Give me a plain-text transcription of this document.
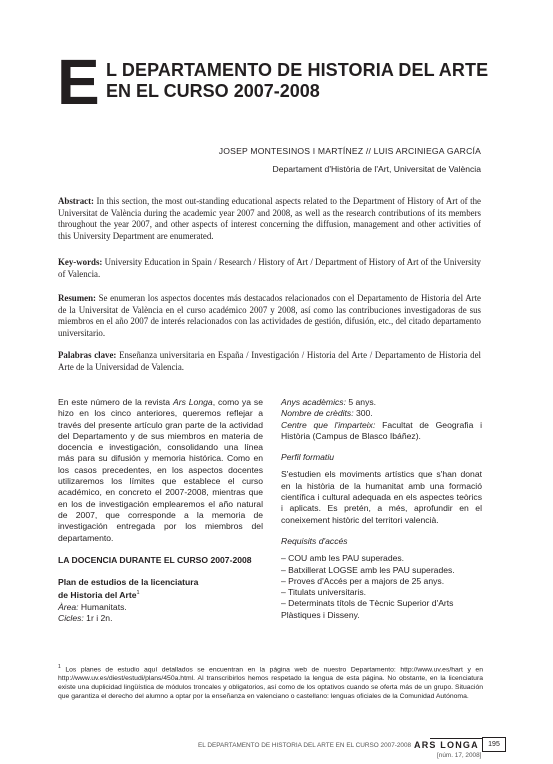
E L DEPARTAMENTO DE HISTORIA DEL ARTE
EN EL CURSO 2007-2008
JOSEP MONTESINOS I MARTÍNEZ // LUIS ARCINIEGA GARCÍA
Departament d'Història de l'Art, Universitat de València
Abstract: In this section, the most out-standing educational aspects related to the Department of History of Art of the Universitat de València during the academic year 2007 and 2008, as well as the research contributions of its members throughout the year 2007, and other aspects of interest concerning the diffusion, management and other activities of this University Department are enumerated.
Key-words: University Education in Spain / Research / History of Art / Department of History of Art of the University of Valencia.
Resumen: Se enumeran los aspectos docentes más destacados relacionados con el Departamento de Historia del Arte de la Universitat de València en el curso académico 2007 y 2008, así como las contribuciones investigadoras de sus miembros en el año 2007 de interés relacionados con las actividades de gestión, difusión, etc., del citado departamento universitario.
Palabras clave: Enseñanza universitaria en España / Investigación / Historia del Arte / Departamento de Historia del Arte de la Universidad de Valencia.

En este número de la revista Ars Longa, como ya se hizo en los cinco anteriores, queremos reflejar a través del presente artículo gran parte de la actividad del Departamento y de sus miembros en materia de docencia e investigación, consolidando una línea más para su difusión y memoria histórica. Como en los casos precedentes, en los aspectos docentes utilizaremos los límites que establece el curso académico, en concreto el 2007-2008, mientras que en los de investigación emplearemos el año natural de 2007, que corresponde a la memoria de investigación entregada por los miembros del departamento.

LA DOCENCIA DURANTE EL CURSO 2007-2008

Plan de estudios de la licenciatura
de Historia del Arte$^1$

Àrea: Humanitats.

Cicles: 1r i 2n.

Anys acadèmics: 5 anys.

Nombre de crèdits: 300.

Centre que l'imparteix: Facultat de Geografia i Història (Campus de Blasco Ibáñez).

Perfil formatiu

S'estudien els moviments artístics que s'han donat en la història de la humanitat amb una formació científica i cultural adequada en els aspectes teòrics i aplicats. Es pretén, a més, aprofundir en el coneixement històric del territori valencià.

Requisits d'accés

– COU amb les PAU superades.

– Batxillerat LOGSE amb les PAU superades.

– Proves d'Accés per a majors de 25 anys.

– Titulats universitaris.

– Determinats títols de Tècnic Superior d'Arts Plàstiques i Disseny.

$^1$ Los planes de estudio aquí detallados se encuentran en la página web de nuestro Departamento: http://www.uv.es/hart y en http://www.uv.es/diest/estudi/plans/450a.html. Al transcribirlos hemos respetado la lengua de esta página. No obstante, en la licenciatura existe una duplicidad lingüística de módulos troncales y obligatorios, así como de los optativos cuando se oferta más de un grupo. Situación que garantiza el derecho del alumno a optar por la enseñanza en valenciano o castellano: lenguas oficiales de la Comunidad Autónoma.
EL DEPARTAMENTO DE HISTORIA DEL ARTE EN EL CURSO 2007-2008 ARS LONGA
[núm. 17, 2008]
195
